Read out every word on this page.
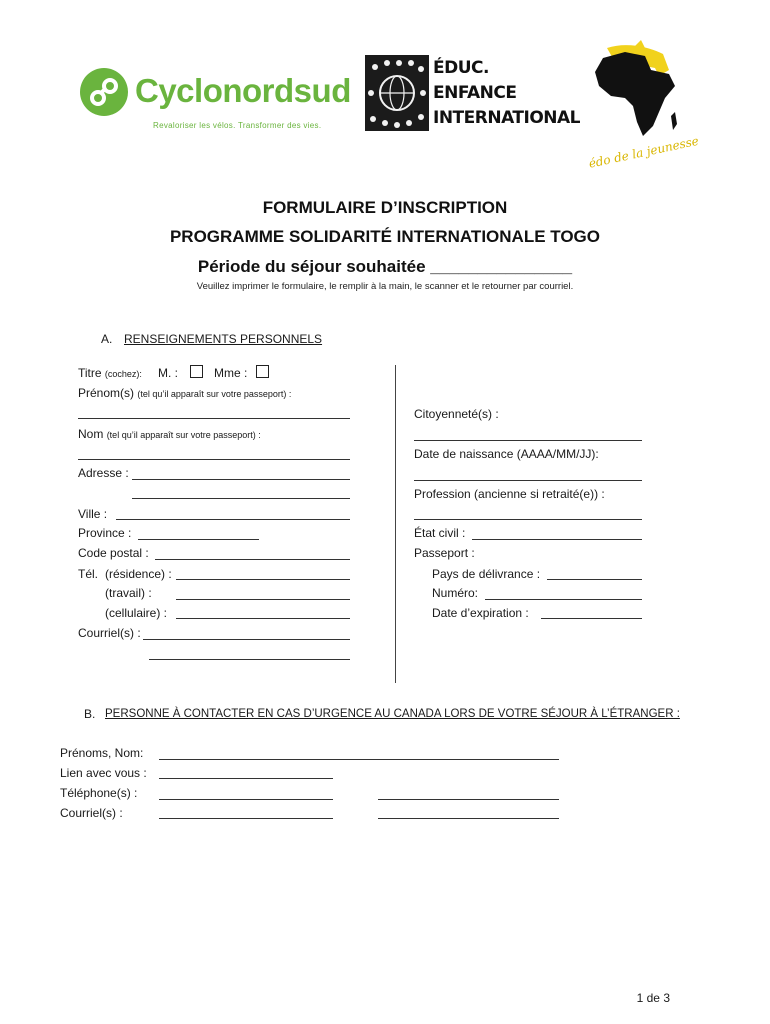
Cyclonordsud
Revaloriser les vélos. Transformer des vies.
ÉDUC.
ENFANCE
INTERNATIONAL
édo de la jeunesse
FORMULAIRE D’INSCRIPTION
PROGRAMME SOLIDARITÉ INTERNATIONALE TOGO
Période du séjour souhaitée _______________
Veuillez imprimer le formulaire, le remplir à la main, le scanner et le retourner par courriel.
A. RENSEIGNEMENTS PERSONNELS
Titre (cochez): M. :	Mme :
Prénom(s) (tel qu’il apparaît sur votre passeport) :
Nom (tel qu’il apparaît sur votre passeport) :
Adresse :
Ville :
Province :
Code postal :
Tél. (résidence) :
(travail) :
(cellulaire) :
Courriel(s) :
Citoyenneté(s) :
Date de naissance (AAAA/MM/JJ):
Profession (ancienne si retraité(e)) :
État civil :
Passeport :
Pays de délivrance :
Numéro:
Date d’expiration :
B. PERSONNE À CONTACTER EN CAS D’URGENCE AU CANADA LORS DE VOTRE SÉJOUR À L’ÉTRANGER :
Prénoms, Nom:
Lien avec vous :
Téléphone(s) :
Courriel(s) :
1 de 3
